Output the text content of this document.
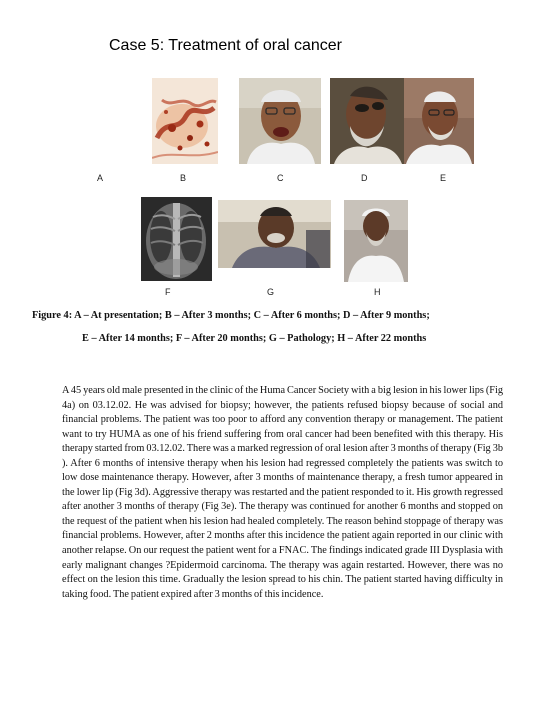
Case 5: Treatment of oral cancer
A	B	C	D	E
F	G	H
Figure 4: A – At presentation; B – After 3 months; C – After 6 months; D – After 9 months;
E – After 14 months; F – After 20 months; G – Pathology; H – After 22 months
A 45 years old male presented in the clinic of the Huma Cancer Society with a big lesion in his lower lips (Fig 4a) on 03.12.02. He was advised for biopsy; however, the patients refused biopsy because of social and financial problems. The patient was too poor to afford any convention therapy or management. The patient want to try HUMA as one of his friend suffering from oral cancer had been benefited with this therapy. His therapy started from 03.12.02. There was a marked regression of oral lesion after 3 months of therapy (Fig 3b ). After 6 months of intensive therapy when his lesion had regressed completely the patients was switch to low dose maintenance therapy. However, after 3 months of maintenance therapy, a fresh tumor appeared in the lower lip (Fig 3d). Aggressive therapy was restarted and the patient responded to it. His growth regressed after another 3 months of therapy (Fig 3e). The therapy was continued for another 6 months and stopped on the request of the patient when his lesion had healed completely. The reason behind stoppage of therapy was financial problems. However, after 2 months after this incidence the patient again reported in our clinic with another relapse. On our request the patient went for a FNAC. The findings indicated grade III Dysplasia with early malignant changes ?Epidermoid carcinoma. The therapy was again restarted. However, there was no effect on the lesion this time. Gradually the lesion spread to his chin. The patient started having difficulty in taking food. The patient expired after 3 months of this incidence.
